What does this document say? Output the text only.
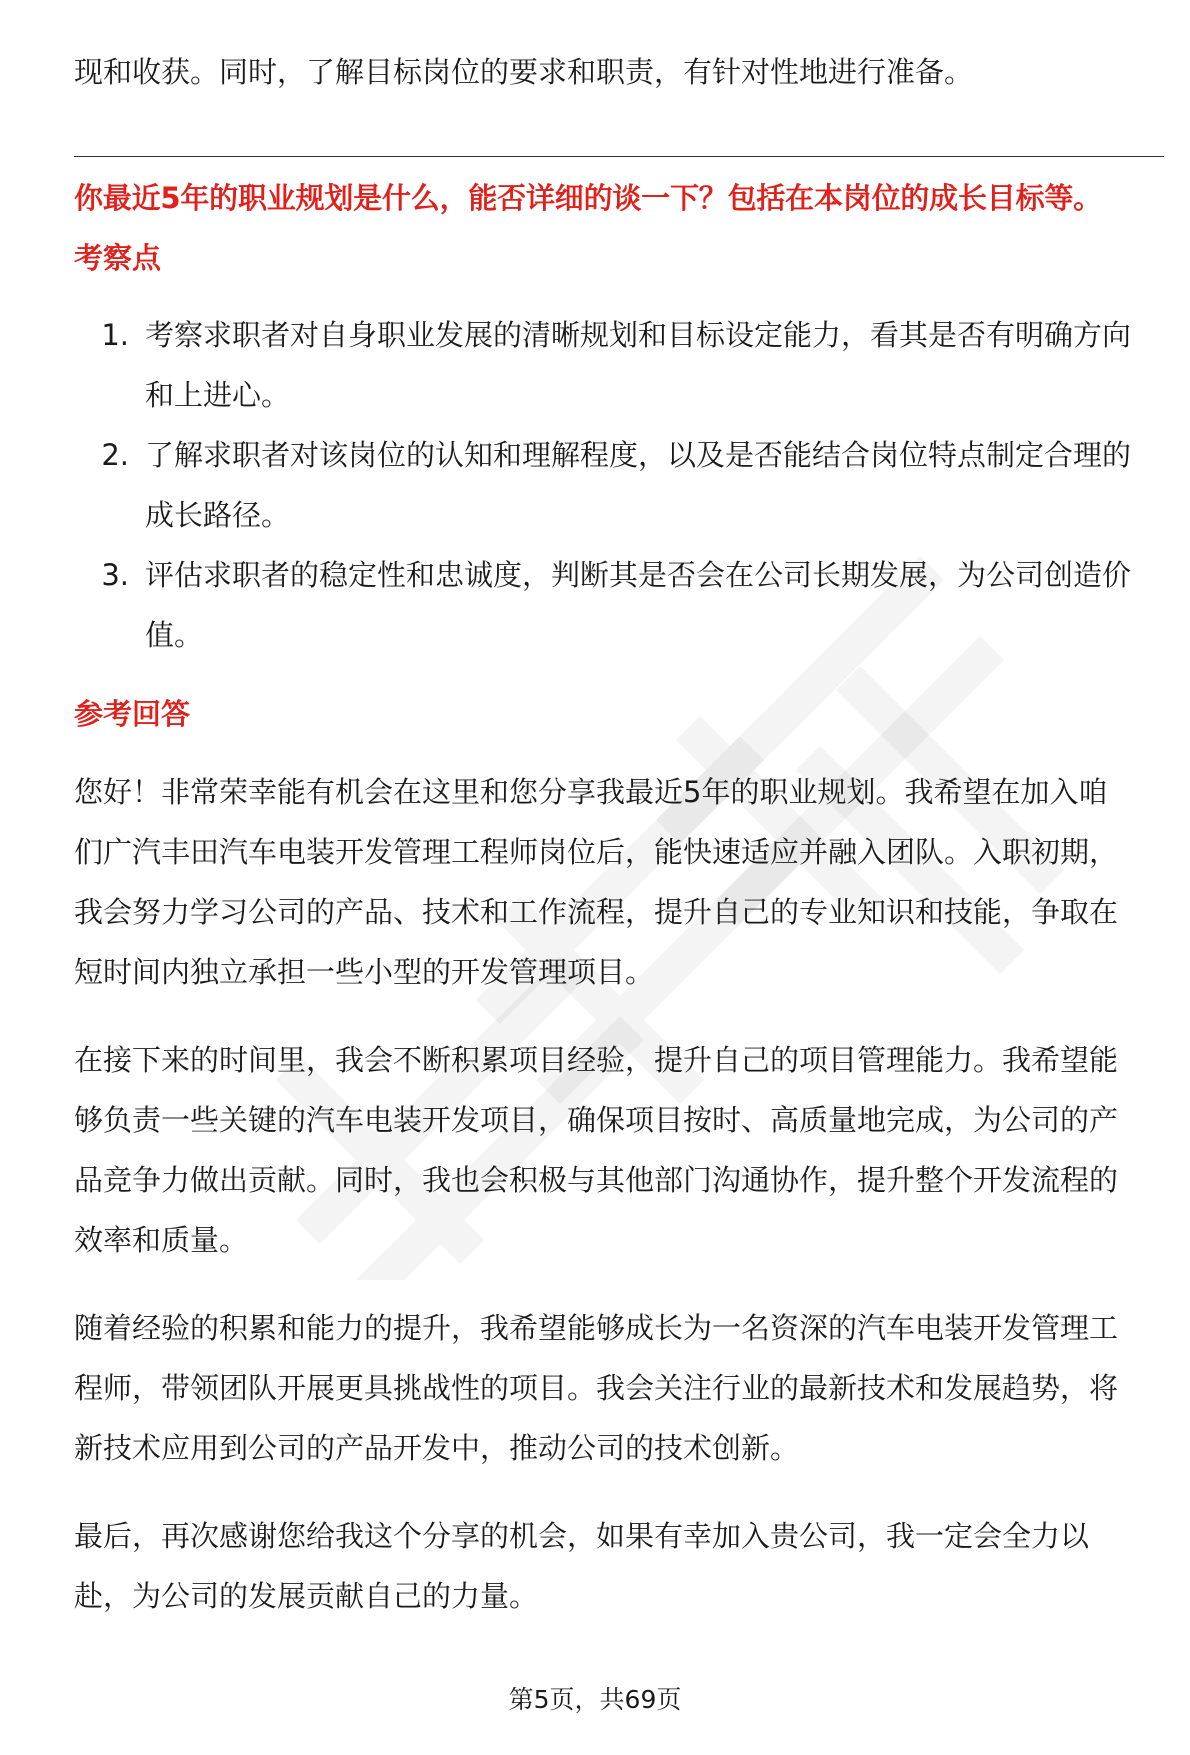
现和收获。同时，了解目标岗位的要求和职责，有针对性地进行准备。

你最近5年的职业规划是什么，能否详细的谈一下？包括在本岗位的成长目标等。
考察点
1. 考察求职者对自身职业发展的清晰规划和目标设定能力，看其是否有明确方向

和上进心。

2. 了解求职者对该岗位的认知和理解程度，以及是否能结合岗位特点制定合理的

成长路径。

3. 评估求职者的稳定性和忠诚度，判断其是否会在公司长期发展，为公司创造价

值。

参考回答

您好！非常荣幸能有机会在这里和您分享我最近5年的职业规划。我希望在加入咱

们广汽丰田汽车电装开发管理工程师岗位后，能快速适应并融入团队。入职初期，

我会努力学习公司的产品、技术和工作流程，提升自己的专业知识和技能，争取在

短时间内独立承担一些小型的开发管理项目。

在接下来的时间里，我会不断积累项目经验，提升自己的项目管理能力。我希望能

够负责一些关键的汽车电装开发项目，确保项目按时、高质量地完成，为公司的产

品竞争力做出贡献。同时，我也会积极与其他部门沟通协作，提升整个开发流程的

效率和质量。

随着经验的积累和能力的提升，我希望能够成长为一名资深的汽车电装开发管理工

程师，带领团队开展更具挑战性的项目。我会关注行业的最新技术和发展趋势，将

新技术应用到公司的产品开发中，推动公司的技术创新。

最后，再次感谢您给我这个分享的机会，如果有幸加入贵公司，我一定会全力以

赴，为公司的发展贡献自己的力量。

第5页，共69页
